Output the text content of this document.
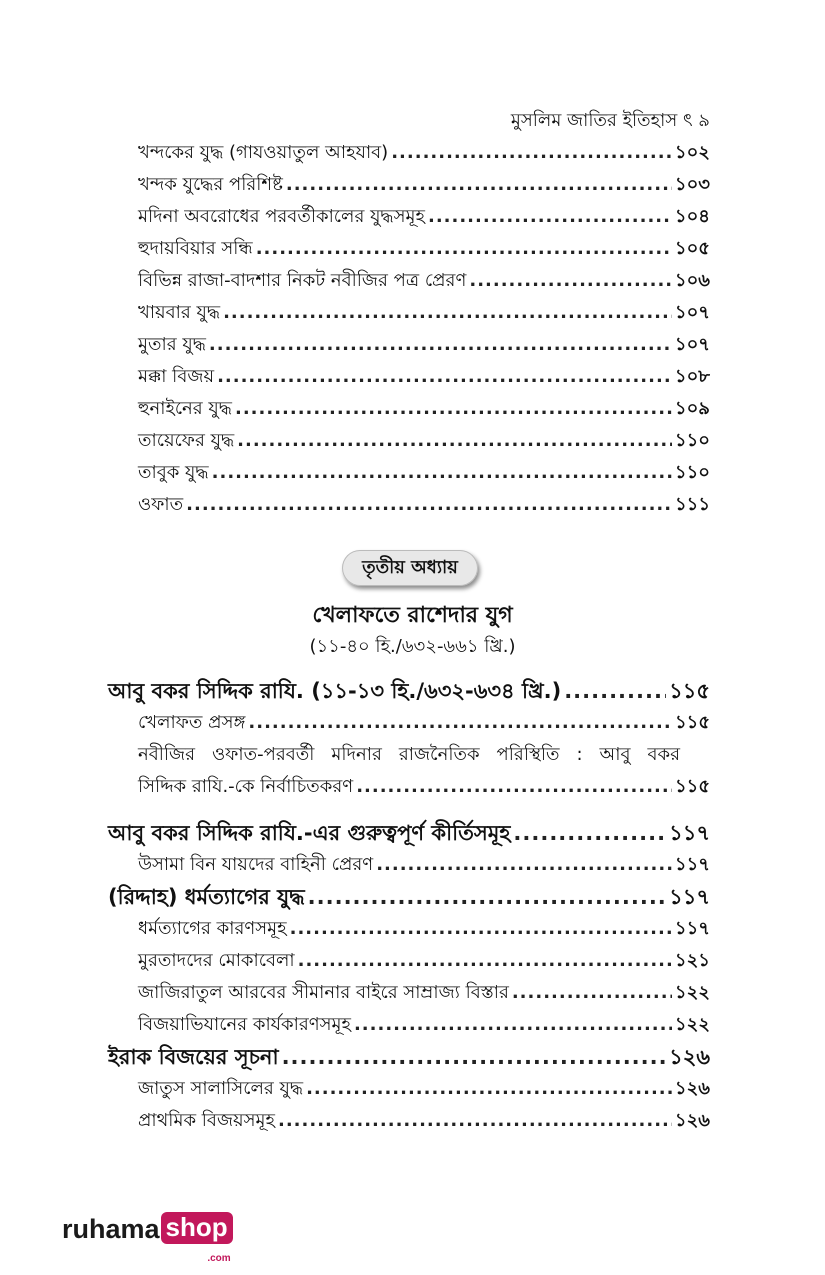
মুসলিম জাতির ইতিহাস ৎ ৯
খন্দকের যুদ্ধ (গাযওয়াতুল আহযাব) .....	১০২
খন্দক যুদ্ধের পরিশিষ্ট .....	১০৩
মদিনা অবরোধের পরবর্তীকালের যুদ্ধসমূহ .....	১০৪
হুদায়বিয়ার সন্ধি .....	১০৫
বিভিন্ন রাজা-বাদশার নিকট নবীজির পত্র প্রেরণ .....	১০৬
খায়বার যুদ্ধ .....	১০৭
মুতার যুদ্ধ .....	১০৭
মক্কা বিজয় .....	১০৮
হুনাইনের যুদ্ধ .....	১০৯
তায়েফের যুদ্ধ .....	১১০
তাবুক যুদ্ধ .....	১১০
ওফাত .....	১১১
তৃতীয় অধ্যায়
খেলাফতে রাশেদার যুগ
(১১-৪০ হি./৬৩২-৬৬১ খ্রি.)
আবু বকর সিদ্দিক রাযি. (১১-১৩ হি./৬৩২-৬৩৪ খ্রি.) .....	১১৫
খেলাফত প্রসঙ্গ .....	১১৫
নবীজির ওফাত-পরবর্তী মদিনার রাজনৈতিক পরিস্থিতি : আবু বকর
সিদ্দিক রাযি.-কে নির্বাচিতকরণ .....	১১৫
আবু বকর সিদ্দিক রাযি.-এর গুরুত্বপূর্ণ কীর্তিসমূহ .....	১১৭
উসামা বিন যায়দের বাহিনী প্রেরণ .....	১১৭
(রিদ্দাহ) ধর্মত্যাগের যুদ্ধ .....	১১৭
ধর্মত্যাগের কারণসমূহ .....	১১৭
মুরতাদদের মোকাবেলা .....	১২১
জাজিরাতুল আরবের সীমানার বাইরে সাম্রাজ্য বিস্তার .....	১২২
বিজয়াভিযানের কার্যকারণসমূহ .....	১২২
ইরাক বিজয়ের সূচনা .....	১২৬
জাতুস সালাসিলের যুদ্ধ .....	১২৬
প্রাথমিক বিজয়সমূহ .....	১২৬
ruhama shop
.com
